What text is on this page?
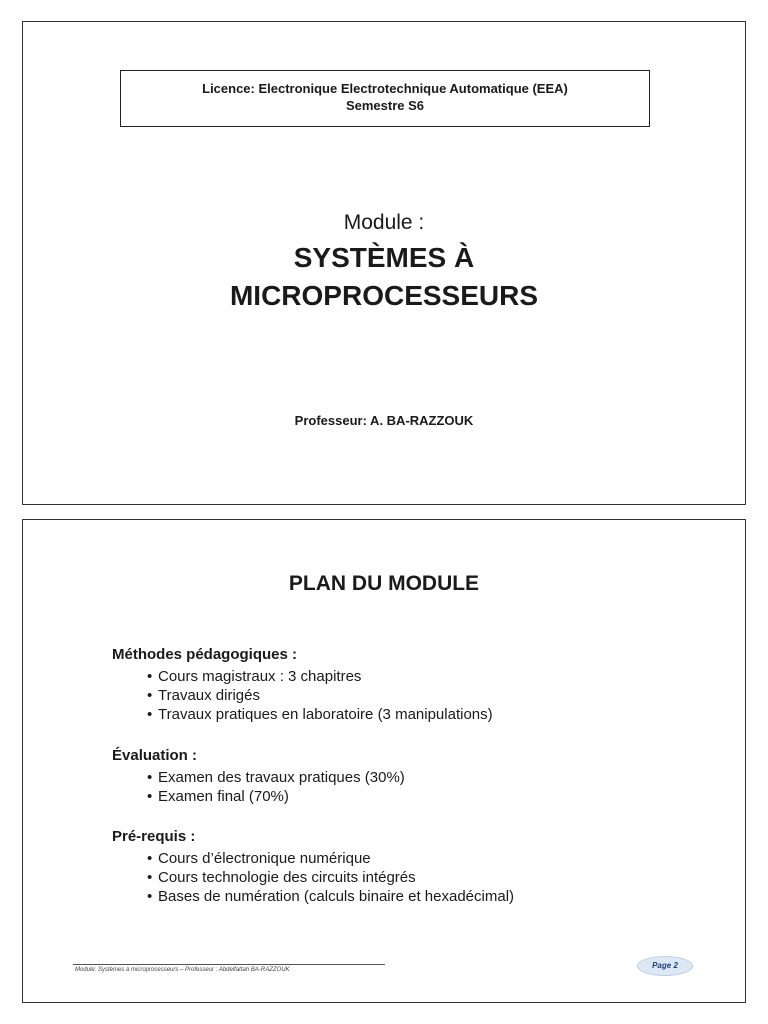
Licence: Electronique Electrotechnique Automatique (EEA)
Semestre S6
Module :
SYSTÈMES À
MICROPROCESSEURS
Professeur: A. BA-RAZZOUK
PLAN DU MODULE
Méthodes pédagogiques :
• Cours magistraux : 3 chapitres
• Travaux dirigés
• Travaux pratiques en laboratoire (3 manipulations)
Évaluation :
• Examen des travaux pratiques (30%)
• Examen final (70%)
Pré-requis :
• Cours d’électronique numérique
• Cours technologie des circuits intégrés
• Bases de numération (calculs binaire et hexadécimal)
Module: Systèmes à microprocesseurs – Professeur : Abdelfattah BA-RAZZOUK	Page 2
